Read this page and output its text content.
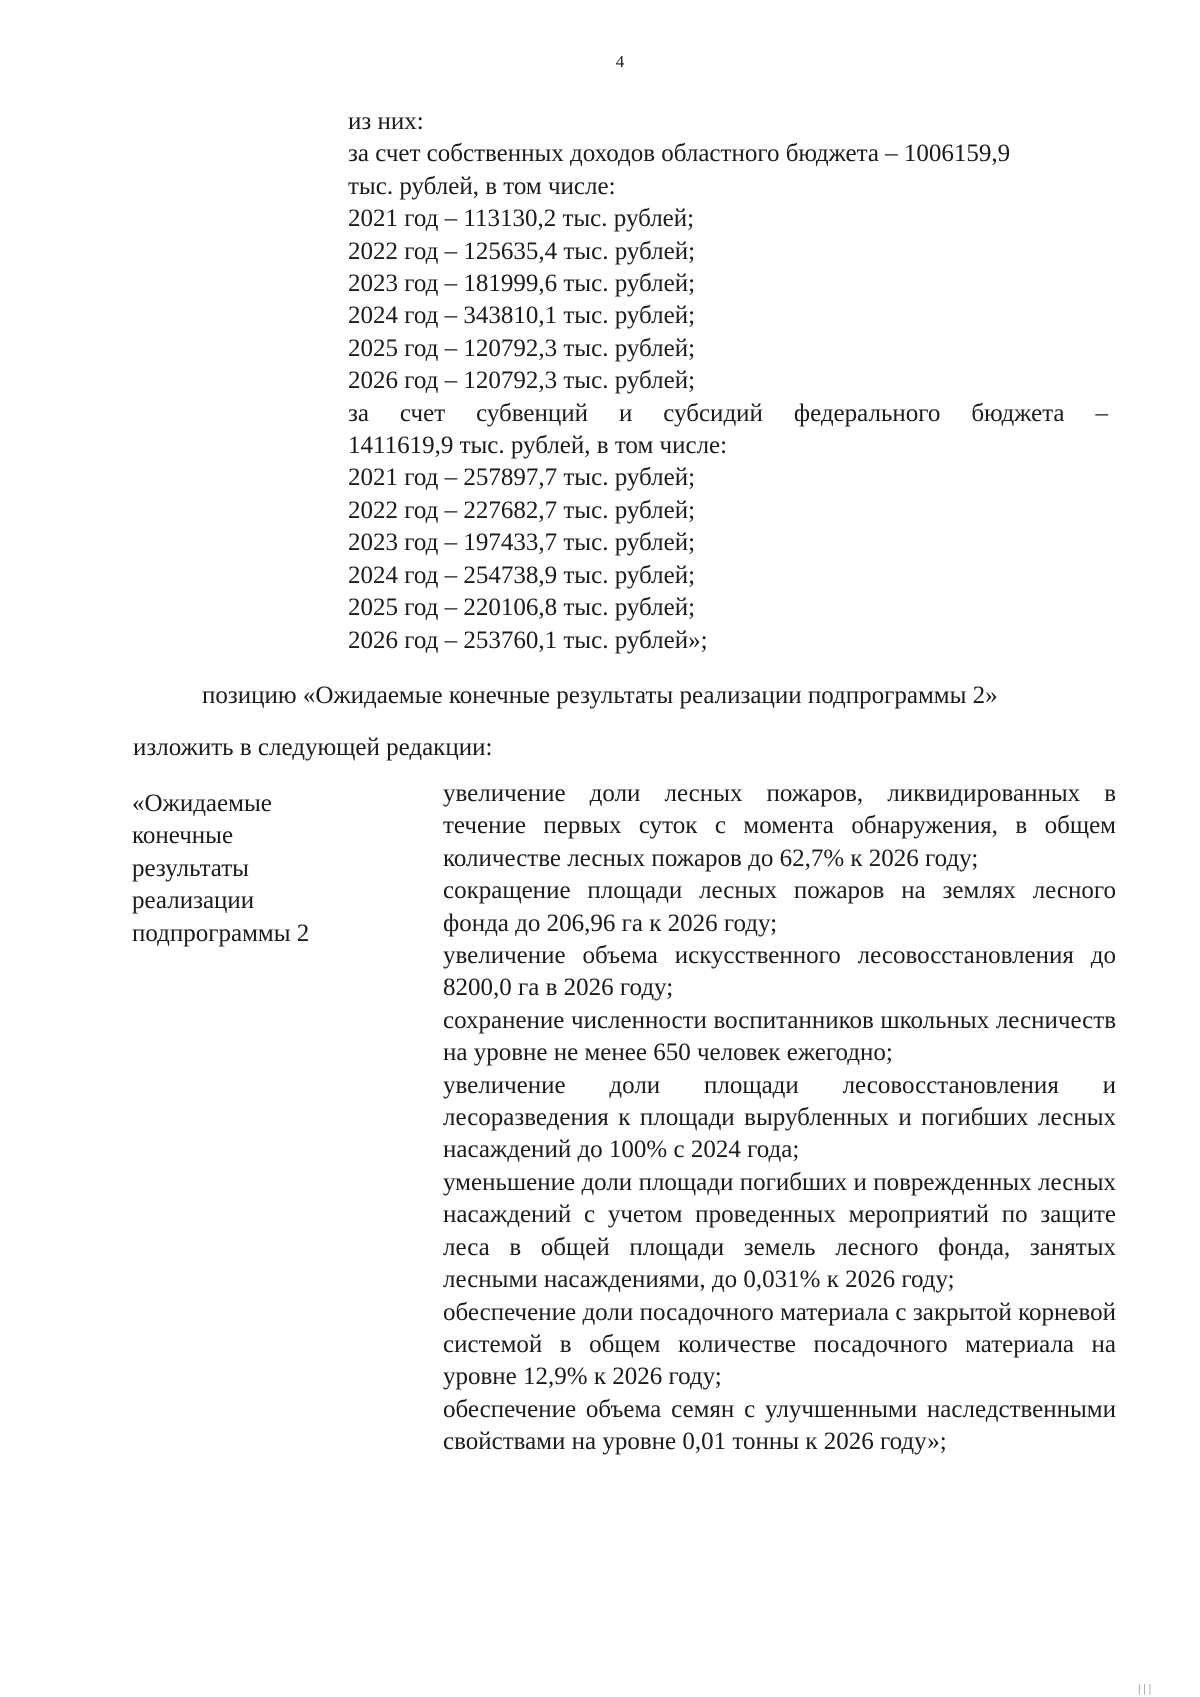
4
из них:
за счет собственных доходов областного бюджета – 1006159,9
тыс. рублей, в том числе:
2021 год – 113130,2 тыс. рублей;
2022 год – 125635,4 тыс. рублей;
2023 год – 181999,6 тыс. рублей;
2024 год – 343810,1 тыс. рублей;
2025 год – 120792,3 тыс. рублей;
2026 год – 120792,3 тыс. рублей;
за счет субвенций и субсидий федерального бюджета –
1411619,9 тыс. рублей, в том числе:
2021 год – 257897,7 тыс. рублей;
2022 год – 227682,7 тыс. рублей;
2023 год – 197433,7 тыс. рублей;
2024 год – 254738,9 тыс. рублей;
2025 год – 220106,8 тыс. рублей;
2026 год – 253760,1 тыс. рублей»;
позицию «Ожидаемые конечные результаты реализации подпрограммы 2»
изложить в следующей редакции:
«Ожидаемые
конечные
результаты
реализации
подпрограммы 2
увеличение доли лесных пожаров, ликвидированных в течение первых суток с момента обнаружения, в общем количестве лесных пожаров до 62,7% к 2026 году;
сокращение площади лесных пожаров на землях лесного фонда до 206,96 га к 2026 году;
увеличение объема искусственного лесовосстановления до 8200,0 га в 2026 году;
сохранение численности воспитанников школьных лесничеств на уровне не менее 650 человек ежегодно;
увеличение доли площади лесовосстановления и лесоразведения к площади вырубленных и погибших лесных насаждений до 100% с 2024 года;
уменьшение доли площади погибших и поврежденных лесных насаждений с учетом проведенных мероприятий по защите леса в общей площади земель лесного фонда, занятых лесными насаждениями, до 0,031% к 2026 году;
обеспечение доли посадочного материала с закрытой корневой системой в общем количестве посадочного материала на уровне 12,9% к 2026 году;
обеспечение объема семян с улучшенными наследственными свойствами на уровне 0,01 тонны к 2026 году»;
|||
